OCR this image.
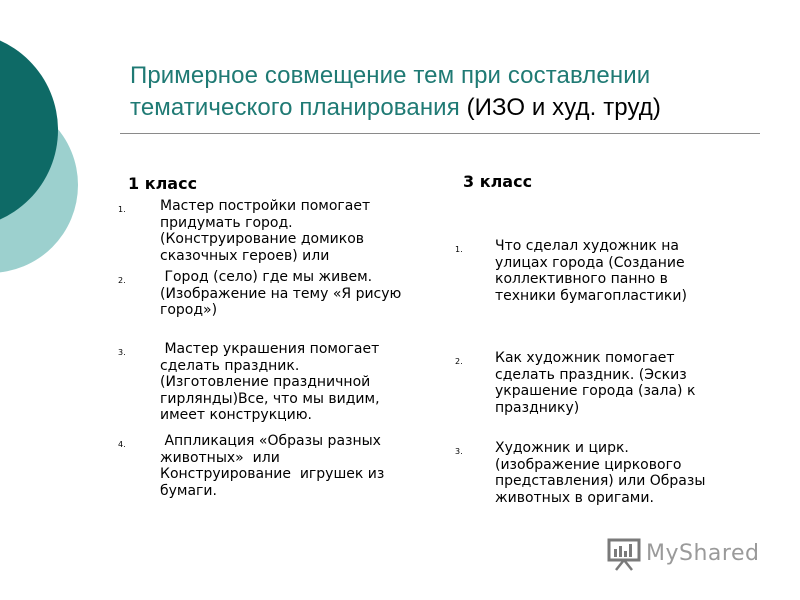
Примерное совмещение тем при составлении тематического планирования (ИЗО и худ. труд)
1 класс
1. Мастер постройки помогает придумать город. (Конструирование домиков сказочных героев) или
2. Город (село) где мы живем. (Изображение на тему «Я рисую город»)
3. Мастер украшения помогает сделать праздник. (Изготовление праздничной гирлянды)Все, что мы видим, имеет конструкцию.
4. Аппликация «Образы разных животных»  или Конструирование  игрушек из бумаги.
3 класс
1. Что сделал художник на улицах города (Создание коллективного панно в техники бумагопластики)
2. Как художник помогает сделать праздник. (Эскиз украшение города (зала) к празднику)
3. Художник и цирк. (изображение циркового представления) или Образы животных в оригами.
MyShared
